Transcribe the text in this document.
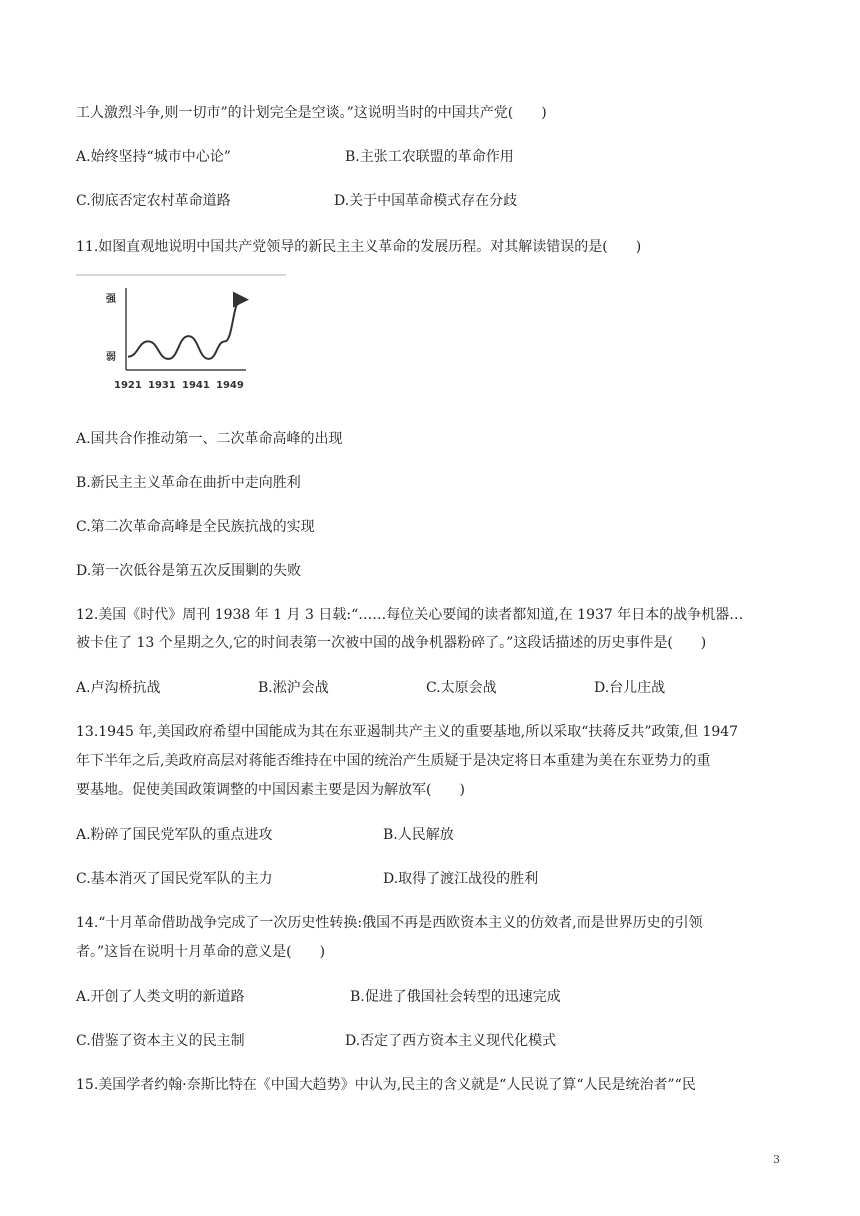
工人激烈斗争,则一切市”的计划完全是空谈。”这说明当时的中国共产党(　　)
A.始终坚持“城市中心论”	B.主张工农联盟的革命作用
C.彻底否定农村革命道路	D.关于中国革命模式存在分歧
11.如图直观地说明中国共产党领导的新民主主义革命的发展历程。对其解读错误的是(　　)
强
弱
1921 1931 1941 1949
A.国共合作推动第一、二次革命高峰的出现
B.新民主主义革命在曲折中走向胜利
C.第二次革命高峰是全民族抗战的实现
D.第一次低谷是第五次反围剿的失败
12.美国《时代》周刊 1938 年 1 月 3 日载:“……每位关心要闻的读者都知道,在 1937 年日本的战争机器…
被卡住了 13 个星期之久,它的时间表第一次被中国的战争机器粉碎了。”这段话描述的历史事件是(　　)
A.卢沟桥抗战	B.淞沪会战	C.太原会战	D.台儿庄战
13.1945 年,美国政府希望中国能成为其在东亚遏制共产主义的重要基地,所以采取“扶蒋反共”政策,但 1947
年下半年之后,美政府高层对蒋能否维持在中国的统治产生质疑于是决定将日本重建为美在东亚势力的重
要基地。促使美国政策调整的中国因素主要是因为解放军(　　)
A.粉碎了国民党军队的重点进攻	B.人民解放
C.基本消灭了国民党军队的主力	D.取得了渡江战役的胜利
14.“十月革命借助战争完成了一次历史性转换:俄国不再是西欧资本主义的仿效者,而是世界历史的引领
者。”这旨在说明十月革命的意义是(　　)
A.开创了人类文明的新道路	B.促进了俄国社会转型的迅速完成
C.借鉴了资本主义的民主制	D.否定了西方资本主义现代化模式
15.美国学者约翰·奈斯比特在《中国大趋势》中认为,民主的含义就是“人民说了算“人民是统治者”“民
3
